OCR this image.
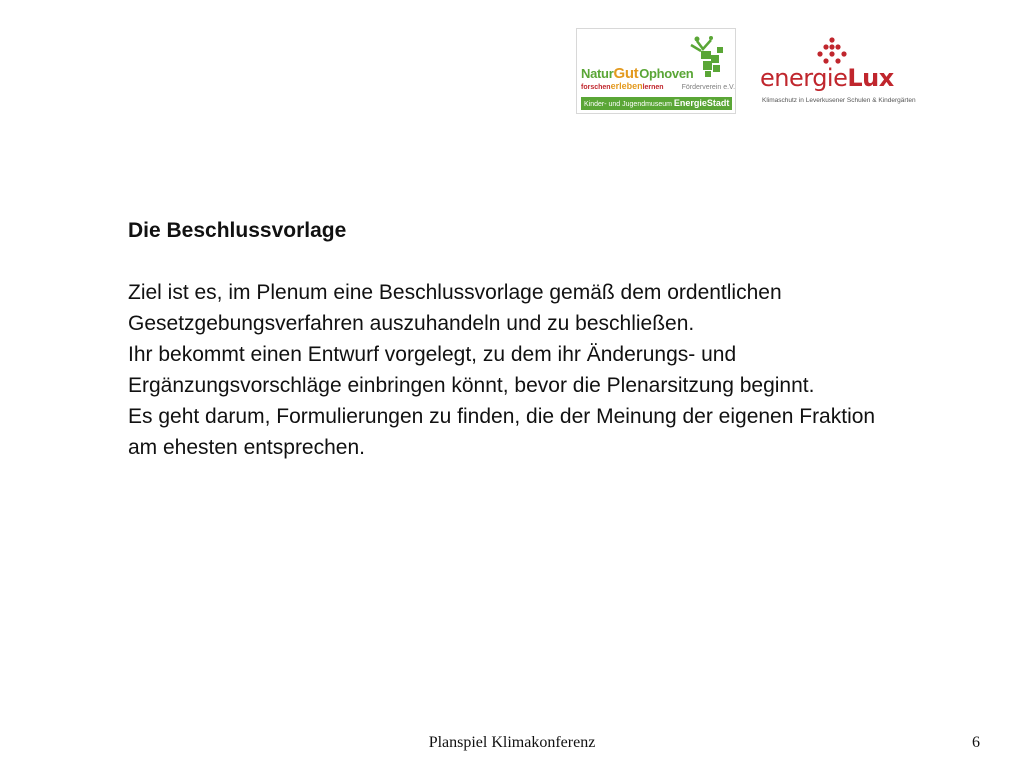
NaturGut Ophoven
forschenerlebenlernen	Förderverein e.V.
Kinder- und Jugendmuseum EnergieStadt
energieLux
Klimaschutz in Leverkusener Schulen & Kindergärten

Die Beschlussvorlage

Ziel ist es, im Plenum eine Beschlussvorlage gemäß dem ordentlichen Gesetzgebungsverfahren auszuhandeln und zu beschließen.

Ihr bekommt einen Entwurf vorgelegt, zu dem ihr Änderungs- und Ergänzungsvorschläge einbringen könnt, bevor die Plenarsitzung beginnt.

Es geht darum, Formulierungen zu finden, die der Meinung der eigenen Fraktion am ehesten entsprechen.

Planspiel Klimakonferenz	6
